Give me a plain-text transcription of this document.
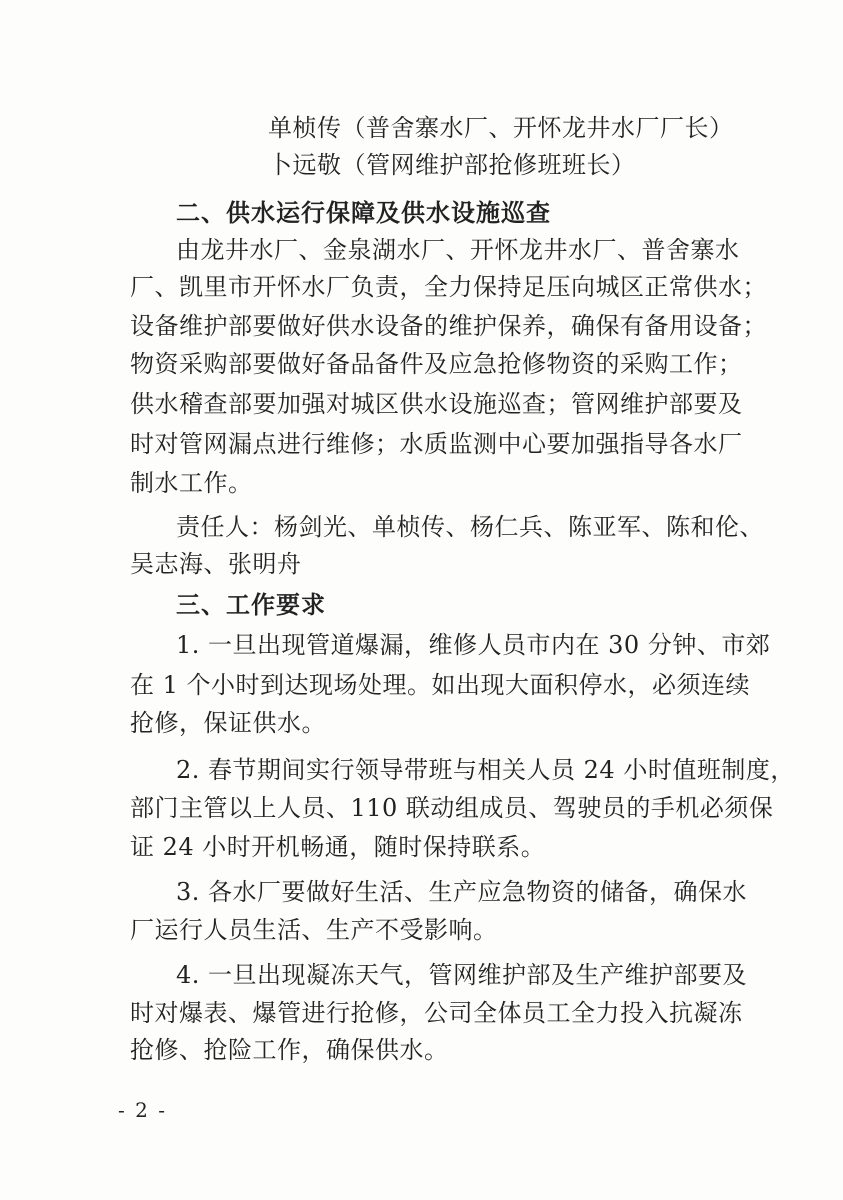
单桢传（普舍寨水厂、开怀龙井水厂厂长）
卜远敬（管网维护部抢修班班长）
二、供水运行保障及供水设施巡查
由龙井水厂、金泉湖水厂、开怀龙井水厂、普舍寨水
厂、凯里市开怀水厂负责，全力保持足压向城区正常供水；
设备维护部要做好供水设备的维护保养，确保有备用设备；
物资采购部要做好备品备件及应急抢修物资的采购工作；
供水稽查部要加强对城区供水设施巡查；管网维护部要及
时对管网漏点进行维修；水质监测中心要加强指导各水厂
制水工作。
责任人：杨剑光、单桢传、杨仁兵、陈亚军、陈和伦、
吴志海、张明舟
三、工作要求
1. 一旦出现管道爆漏，维修人员市内在 30 分钟、市郊
在 1 个小时到达现场处理。如出现大面积停水，必须连续
抢修，保证供水。
2. 春节期间实行领导带班与相关人员 24 小时值班制度，
部门主管以上人员、110 联动组成员、驾驶员的手机必须保
证 24 小时开机畅通，随时保持联系。
3. 各水厂要做好生活、生产应急物资的储备，确保水
厂运行人员生活、生产不受影响。
4. 一旦出现凝冻天气，管网维护部及生产维护部要及
时对爆表、爆管进行抢修，公司全体员工全力投入抗凝冻
抢修、抢险工作，确保供水。
- 2 -
